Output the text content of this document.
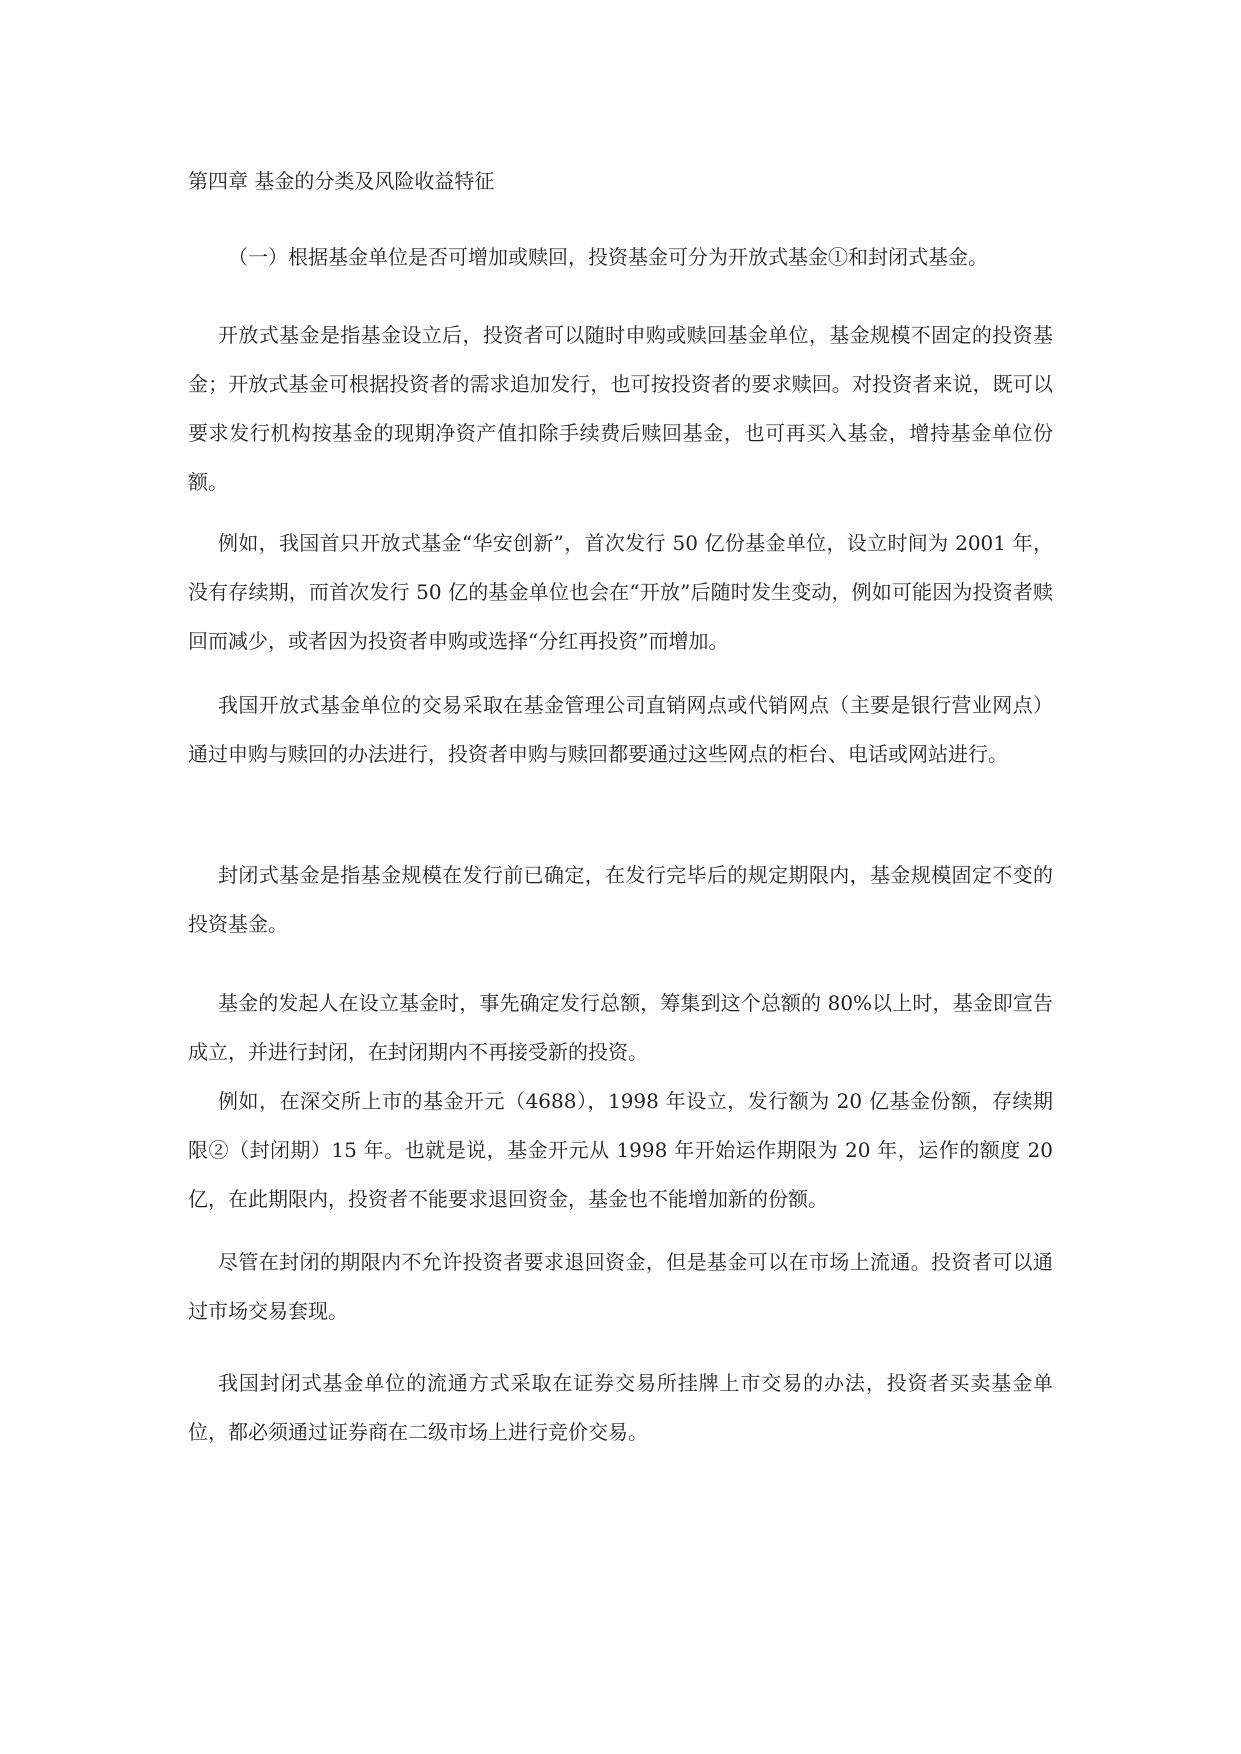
第四章 基金的分类及风险收益特征

（一）根据基金单位是否可增加或赎回，投资基金可分为开放式基金①和封闭式基金。

开放式基金是指基金设立后，投资者可以随时申购或赎回基金单位，基金规模不固定的投资基金；开放式基金可根据投资者的需求追加发行，也可按投资者的要求赎回。对投资者来说，既可以要求发行机构按基金的现期净资产值扣除手续费后赎回基金，也可再买入基金，增持基金单位份额。

例如，我国首只开放式基金“华安创新”，首次发行 50 亿份基金单位，设立时间为 2001 年，没有存续期，而首次发行 50 亿的基金单位也会在“开放”后随时发生变动，例如可能因为投资者赎回而减少，或者因为投资者申购或选择“分红再投资”而增加。

我国开放式基金单位的交易采取在基金管理公司直销网点或代销网点（主要是银行营业网点）通过申购与赎回的办法进行，投资者申购与赎回都要通过这些网点的柜台、电话或网站进行。

封闭式基金是指基金规模在发行前已确定，在发行完毕后的规定期限内，基金规模固定不变的投资基金。

基金的发起人在设立基金时，事先确定发行总额，筹集到这个总额的 80%以上时，基金即宣告成立，并进行封闭，在封闭期内不再接受新的投资。

例如，在深交所上市的基金开元（4688），1998 年设立，发行额为 20 亿基金份额，存续期限②（封闭期）15 年。也就是说，基金开元从 1998 年开始运作期限为 20 年，运作的额度 20 亿，在此期限内，投资者不能要求退回资金，基金也不能增加新的份额。

尽管在封闭的期限内不允许投资者要求退回资金，但是基金可以在市场上流通。投资者可以通过市场交易套现。

我国封闭式基金单位的流通方式采取在证券交易所挂牌上市交易的办法，投资者买卖基金单位，都必须通过证券商在二级市场上进行竞价交易。
